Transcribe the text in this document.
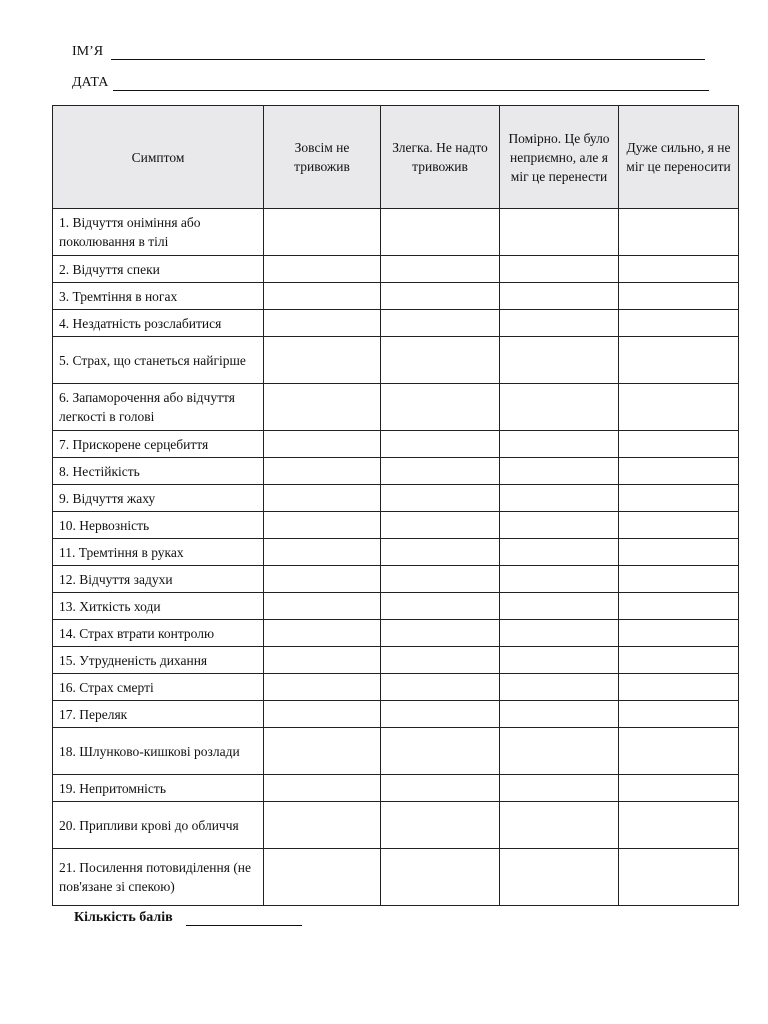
ІМ’Я
ДАТА
Симптом	Зовсім не тривожив	Злегка. Не надто тривожив	Помірно. Це було неприємно, але я міг це перенести	Дуже сильно, я не міг це переносити
1. Відчуття оніміння або поколювання в тілі				
2. Відчуття спеки				
3. Тремтіння в ногах				
4. Нездатність розслабитися				
5. Страх, що станеться найгірше				
6. Запаморочення або відчуття легкості в голові				
7. Прискорене серцебиття				
8. Нестійкість				
9. Відчуття жаху				
10. Нервозність				
11. Тремтіння в руках				
12. Відчуття задухи				
13. Хиткість ходи				
14. Страх втрати контролю				
15. Утрудненість дихання				
16. Страх смерті				
17. Переляк				
18. Шлунково-кишкові розлади				
19. Непритомність				
20. Припливи крові до обличчя				
21. Посилення потовиділення (не пов'язане зі спекою)				
Кількість балів
